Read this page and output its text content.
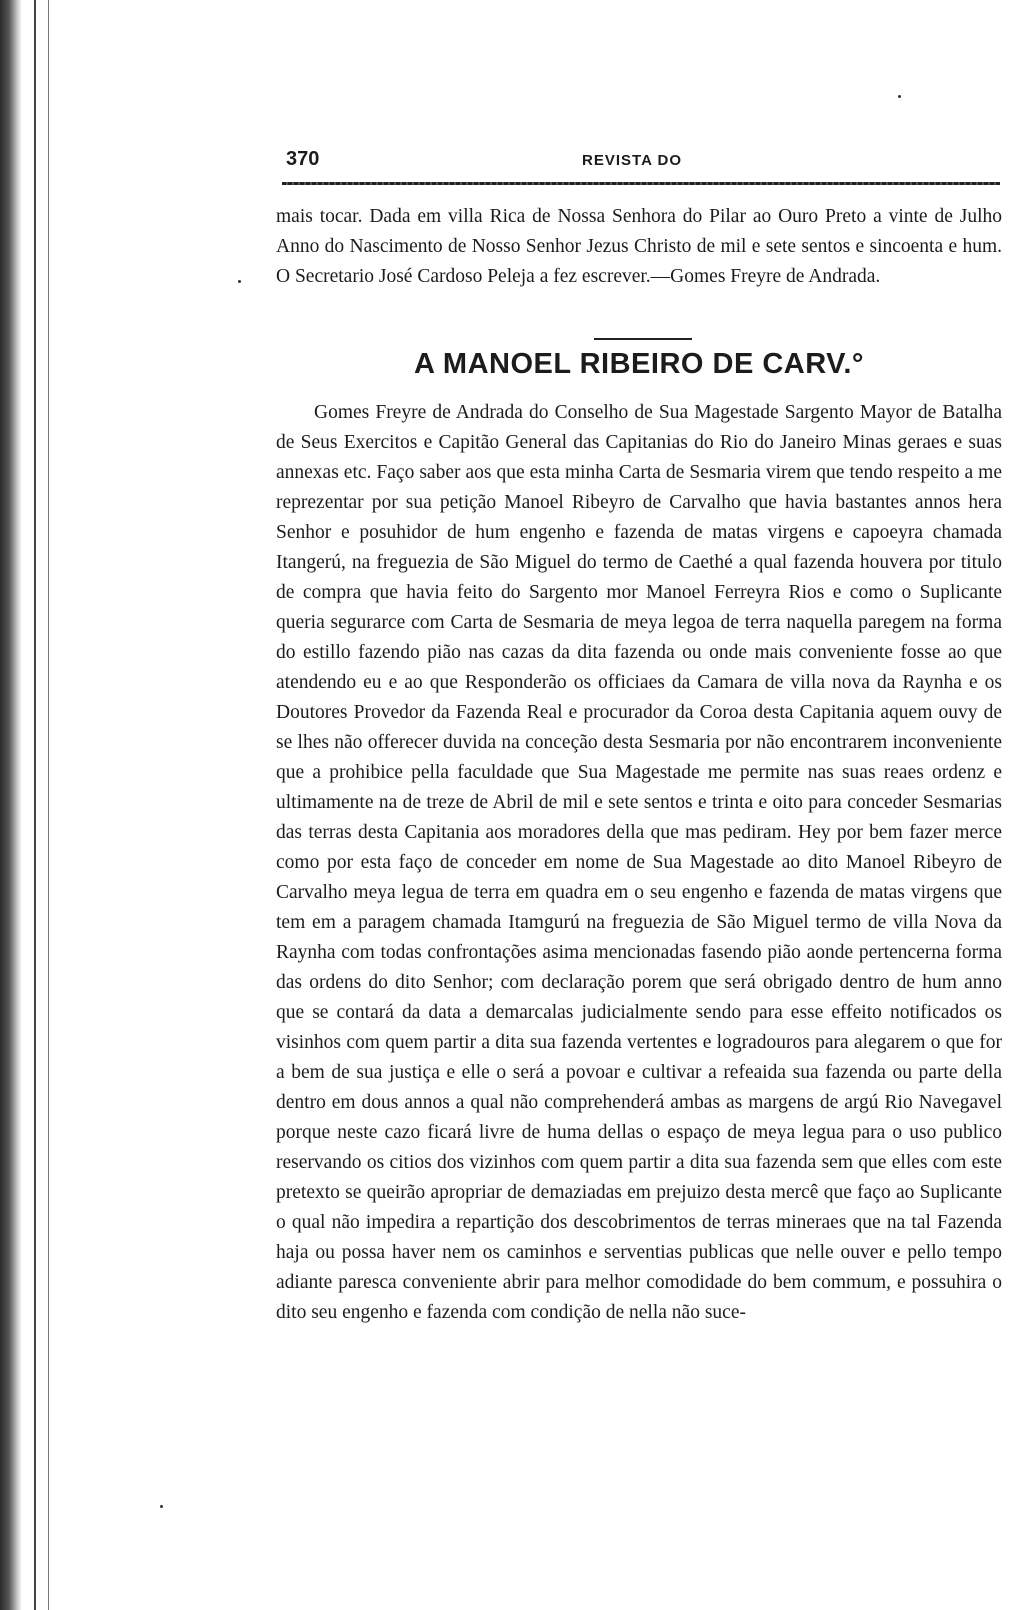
370	REVISTA DO

mais tocar. Dada em villa Rica de Nossa Senhora do Pilar ao Ouro Preto a vinte de Julho Anno do Nascimento de Nosso Senhor Jezus Christo de mil e sete sentos e sincoenta e hum. O Secretario José Cardoso Peleja a fez escrever.—Gomes Freyre de Andrada.

A MANOEL RIBEIRO DE CARV.°

Gomes Freyre de Andrada do Conselho de Sua Magestade Sargento Mayor de Batalha de Seus Exercitos e Capitão General das Capitanias do Rio do Janeiro Minas geraes e suas annexas etc. Faço saber aos que esta minha Carta de Sesmaria virem que tendo respeito a me reprezentar por sua petição Manoel Ribeyro de Carvalho que havia bastantes annos hera Senhor e posuhidor de hum engenho e fazenda de matas virgens e capoeyra chamada Itangerú, na freguezia de São Miguel do termo de Caethé a qual fazenda houvera por titulo de compra que havia feito do Sargento mor Manoel Ferreyra Rios e como o Suplicante queria segurarce com Carta de Sesmaria de meya legoa de terra naquella paregem na forma do estillo fazendo pião nas cazas da dita fazenda ou onde mais conveniente fosse ao que atendendo eu e ao que Responderão os officiaes da Camara de villa nova da Raynha e os Doutores Provedor da Fazenda Real e procurador da Coroa desta Capitania aquem ouvy de se lhes não offerecer duvida na conceção desta Sesmaria por não encontrarem inconveniente que a prohibice pella faculdade que Sua Magestade me permite nas suas reaes ordenz e ultimamente na de treze de Abril de mil e sete sentos e trinta e oito para conceder Sesmarias das terras desta Capitania aos moradores della que mas pediram. Hey por bem fazer merce como por esta faço de conceder em nome de Sua Magestade ao dito Manoel Ribeyro de Carvalho meya legua de terra em quadra em o seu engenho e fazenda de matas virgens que tem em a paragem chamada Itamgurú na freguezia de São Miguel termo de villa Nova da Raynha com todas confrontações asima mencionadas fasendo pião aonde pertencerna forma das ordens do dito Senhor; com declaração porem que será obrigado dentro de hum anno que se contará da data a demarcalas judicialmente sendo para esse effeito notificados os visinhos com quem partir a dita sua fazenda vertentes e logradouros para alegarem o que for a bem de sua justiça e elle o será a povoar e cultivar a refeaida sua fazenda ou parte della dentro em dous annos a qual não comprehenderá ambas as margens de argú Rio Navegavel porque neste cazo ficará livre de huma dellas o espaço de meya legua para o uso publico reservando os citios dos vizinhos com quem partir a dita sua fazenda sem que elles com este pretexto se queirão apropriar de demaziadas em prejuizo desta mercê que faço ao Suplicante o qual não impedira a repartição dos descobrimentos de terras mineraes que na tal Fazenda haja ou possa haver nem os caminhos e serventias publicas que nelle ouver e pello tempo adiante paresca conveniente abrir para melhor comodidade do bem commum, e possuhira o dito seu engenho e fazenda com condição de nella não suce-
